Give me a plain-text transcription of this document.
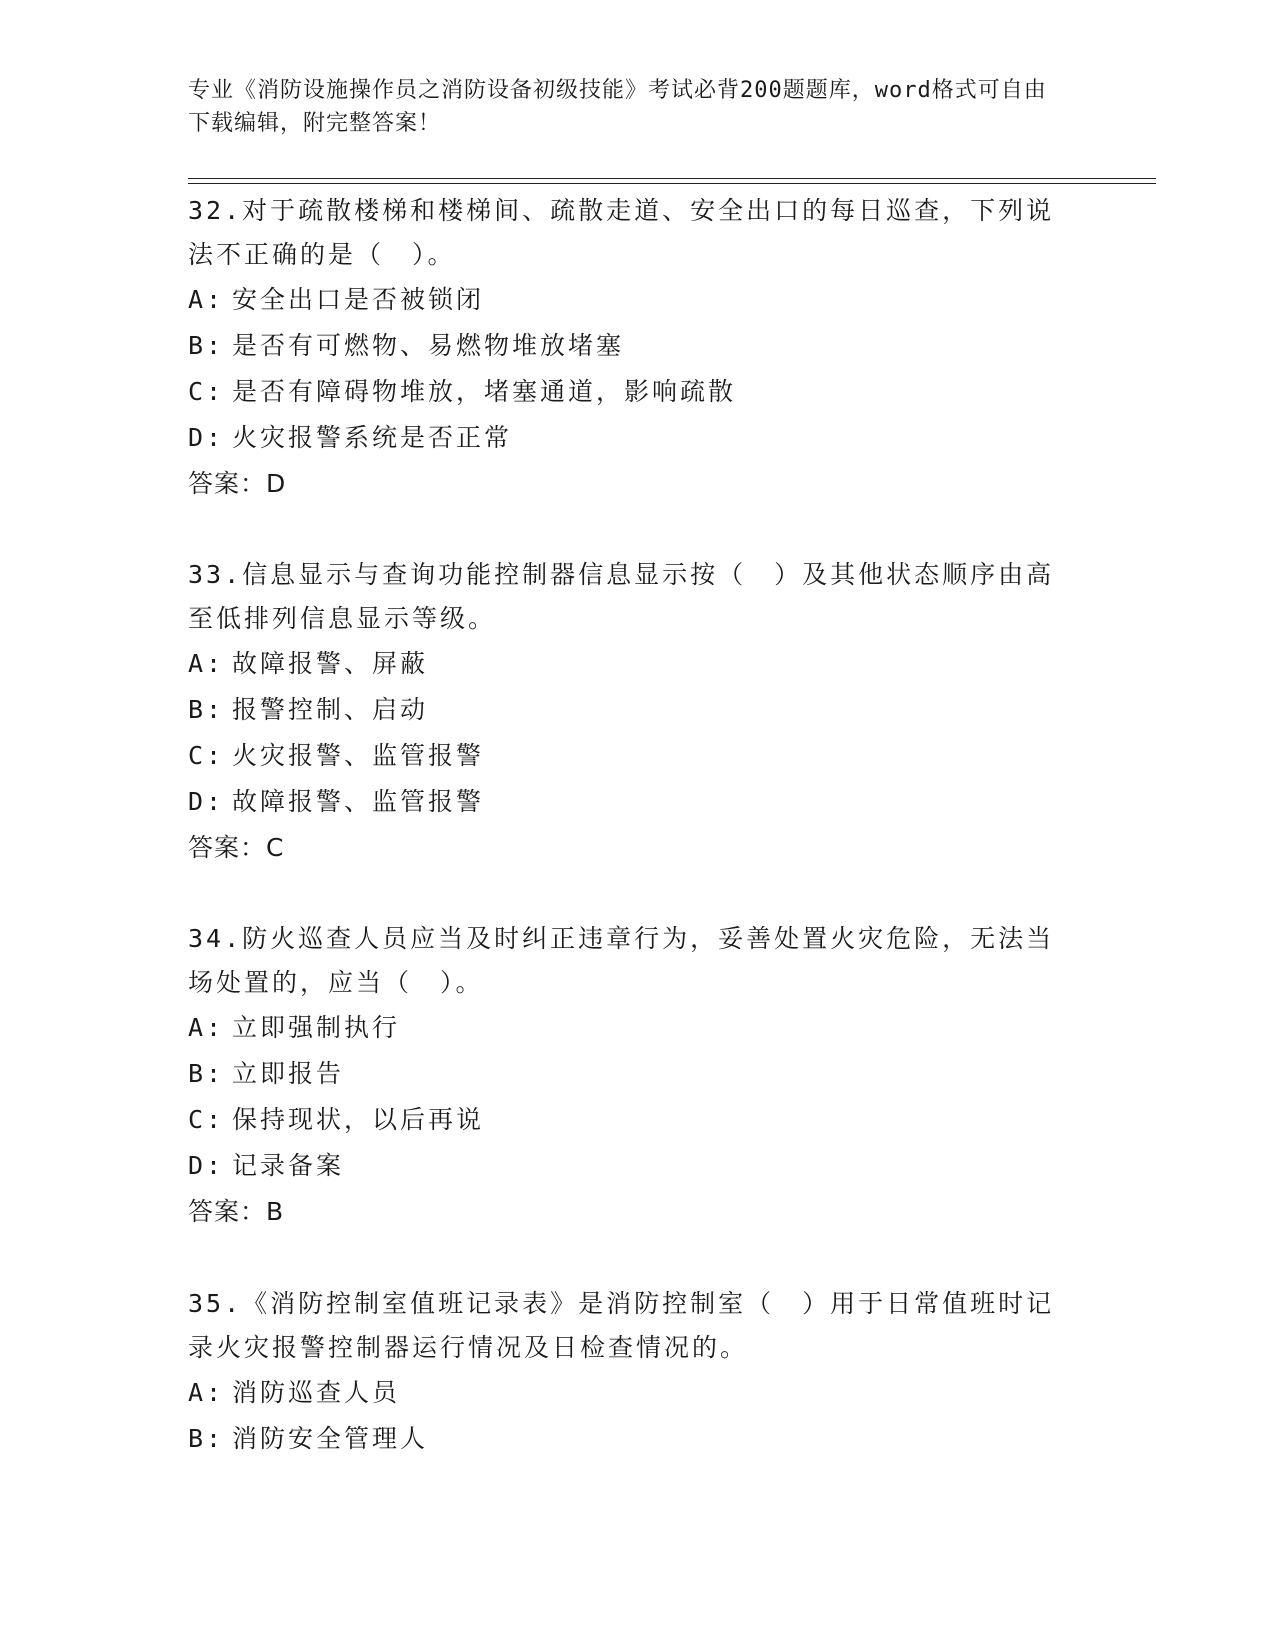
专业《消防设施操作员之消防设备初级技能》考试必背200题题库，word格式可自由下载编辑，附完整答案！
32.对于疏散楼梯和楼梯间、疏散走道、安全出口的每日巡查，下列说法不正确的是（　）。
A: 安全出口是否被锁闭
B: 是否有可燃物、易燃物堆放堵塞
C: 是否有障碍物堆放，堵塞通道，影响疏散
D: 火灾报警系统是否正常
答案：D
33.信息显示与查询功能控制器信息显示按（　）及其他状态顺序由高至低排列信息显示等级。
A: 故障报警、屏蔽
B: 报警控制、启动
C: 火灾报警、监管报警
D: 故障报警、监管报警
答案：C
34.防火巡查人员应当及时纠正违章行为，妥善处置火灾危险，无法当场处置的，应当（　）。
A: 立即强制执行
B: 立即报告
C: 保持现状，以后再说
D: 记录备案
答案：B
35.《消防控制室值班记录表》是消防控制室（　）用于日常值班时记录火灾报警控制器运行情况及日检查情况的。
A: 消防巡查人员
B: 消防安全管理人
